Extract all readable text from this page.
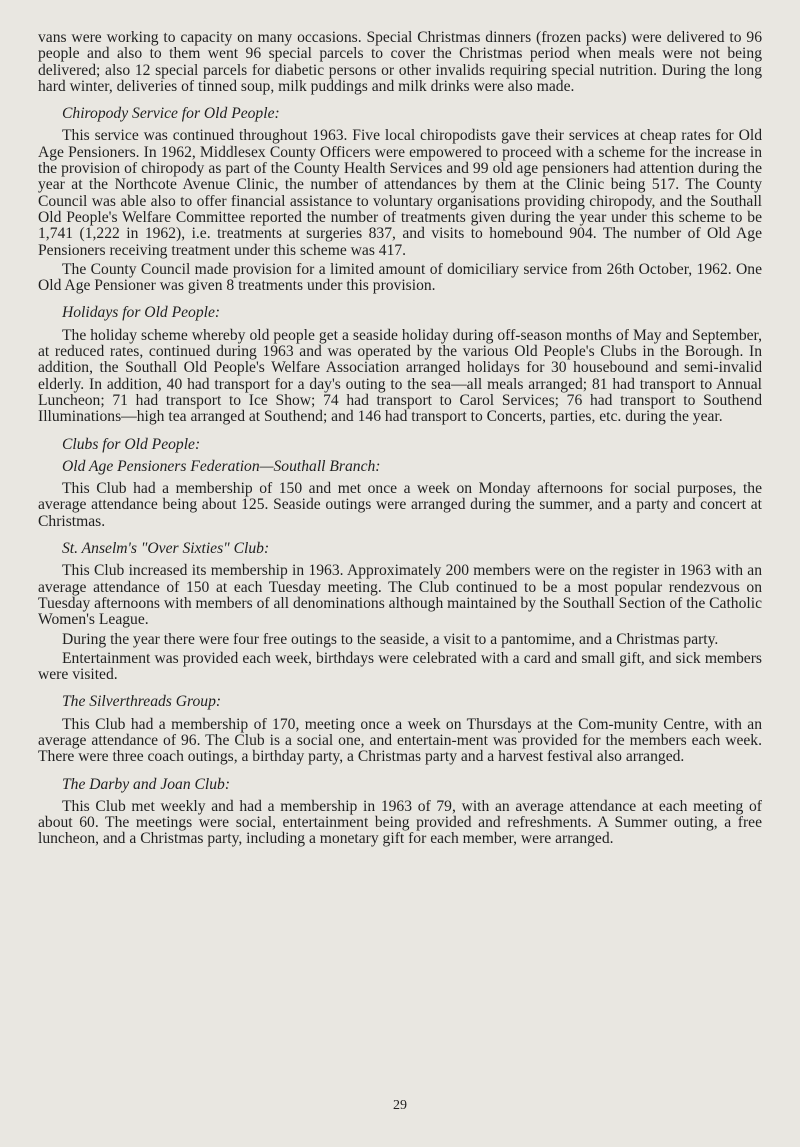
vans were working to capacity on many occasions. Special Christmas dinners (frozen packs) were delivered to 96 people and also to them went 96 special parcels to cover the Christmas period when meals were not being delivered; also 12 special parcels for diabetic persons or other invalids requiring special nutrition. During the long hard winter, deliveries of tinned soup, milk puddings and milk drinks were also made.

Chiropody Service for Old People:

This service was continued throughout 1963. Five local chiropodists gave their services at cheap rates for Old Age Pensioners. In 1962, Middlesex County Officers were empowered to proceed with a scheme for the increase in the provision of chiropody as part of the County Health Services and 99 old age pensioners had attention during the year at the Northcote Avenue Clinic, the number of attendances by them at the Clinic being 517. The County Council was able also to offer financial assistance to voluntary organisations providing chiropody, and the Southall Old People's Welfare Committee reported the number of treatments given during the year under this scheme to be 1,741 (1,222 in 1962), i.e. treatments at surgeries 837, and visits to homebound 904. The number of Old Age Pensioners receiving treatment under this scheme was 417.

The County Council made provision for a limited amount of domiciliary service from 26th October, 1962. One Old Age Pensioner was given 8 treatments under this provision.

Holidays for Old People:

The holiday scheme whereby old people get a seaside holiday during off-season months of May and September, at reduced rates, continued during 1963 and was operated by the various Old People's Clubs in the Borough. In addition, the Southall Old People's Welfare Association arranged holidays for 30 housebound and semi-invalid elderly. In addition, 40 had transport for a day's outing to the sea—all meals arranged; 81 had transport to Annual Luncheon; 71 had transport to Ice Show; 74 had transport to Carol Services; 76 had transport to Southend Illuminations—high tea arranged at Southend; and 146 had transport to Concerts, parties, etc. during the year.

Clubs for Old People:
Old Age Pensioners Federation—Southall Branch:

This Club had a membership of 150 and met once a week on Monday afternoons for social purposes, the average attendance being about 125. Seaside outings were arranged during the summer, and a party and concert at Christmas.

St. Anselm's "Over Sixties" Club:

This Club increased its membership in 1963. Approximately 200 members were on the register in 1963 with an average attendance of 150 at each Tuesday meeting. The Club continued to be a most popular rendezvous on Tuesday afternoons with members of all denominations although maintained by the Southall Section of the Catholic Women's League.

During the year there were four free outings to the seaside, a visit to a pantomime, and a Christmas party.

Entertainment was provided each week, birthdays were celebrated with a card and small gift, and sick members were visited.

The Silverthreads Group:

This Club had a membership of 170, meeting once a week on Thursdays at the Com-munity Centre, with an average attendance of 96. The Club is a social one, and entertain-ment was provided for the members each week. There were three coach outings, a birthday party, a Christmas party and a harvest festival also arranged.

The Darby and Joan Club:

This Club met weekly and had a membership in 1963 of 79, with an average attendance at each meeting of about 60. The meetings were social, entertainment being provided and refreshments. A Summer outing, a free luncheon, and a Christmas party, including a monetary gift for each member, were arranged.

29
